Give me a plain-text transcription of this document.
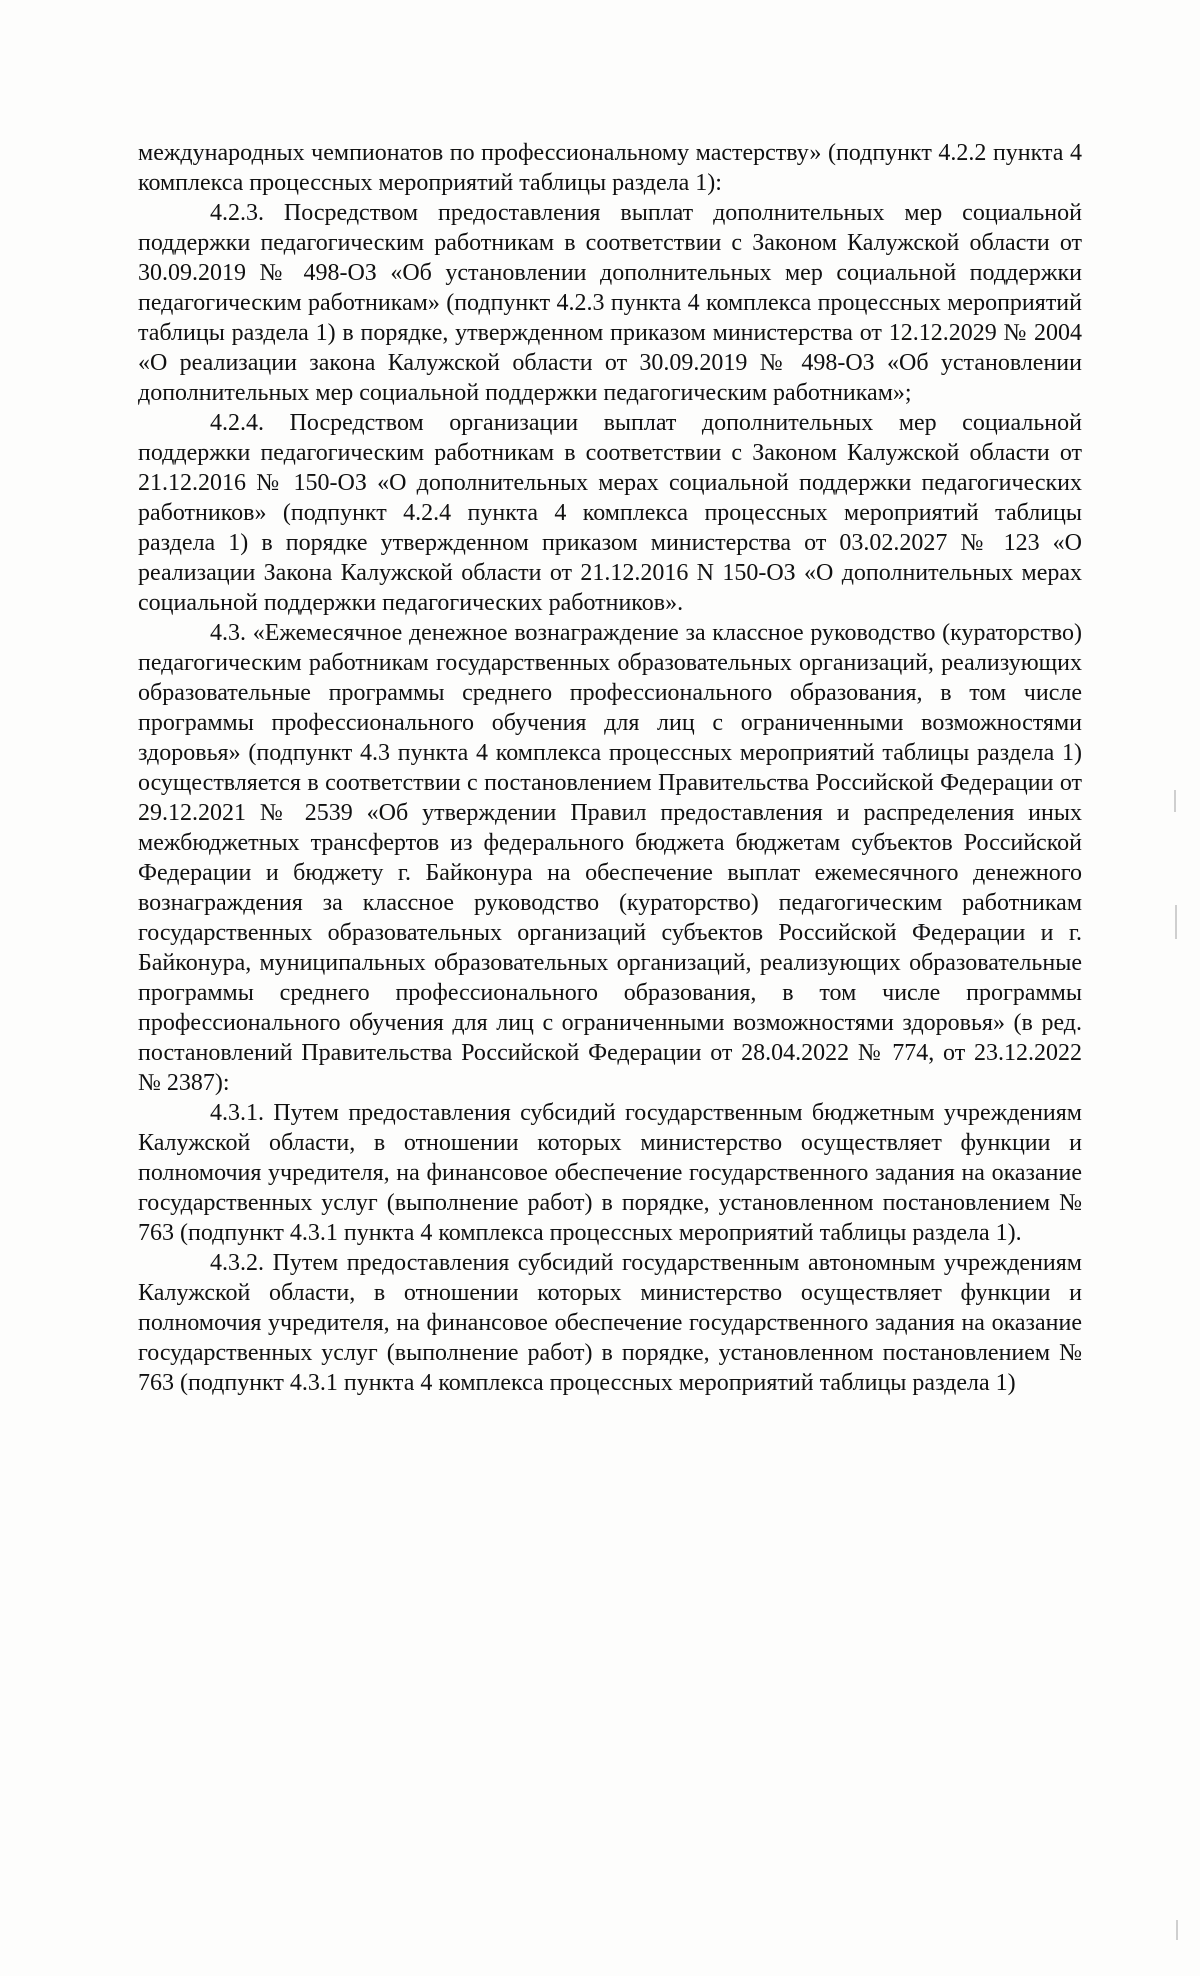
международных чемпионатов по профессиональному мастерству» (подпункт 4.2.2 пункта 4 комплекса процессных мероприятий таблицы раздела 1):

4.2.3. Посредством предоставления выплат дополнительных мер социальной поддержки педагогическим работникам в соответствии с Законом Калужской области от 30.09.2019 № 498-ОЗ «Об установлении дополнительных мер социальной поддержки педагогическим работникам» (подпункт 4.2.3 пункта 4 комплекса процессных мероприятий таблицы раздела 1) в порядке, утвержденном приказом министерства от 12.12.2029 № 2004 «О реализации закона Калужской области от 30.09.2019 № 498-ОЗ «Об установлении дополнительных мер социальной поддержки педагогическим работникам»;

4.2.4. Посредством организации выплат дополнительных мер социальной поддержки педагогическим работникам в соответствии с Законом Калужской области от 21.12.2016 № 150-ОЗ «О дополнительных мерах социальной поддержки педагогических работников» (подпункт 4.2.4 пункта 4 комплекса процессных мероприятий таблицы раздела 1) в порядке утвержденном приказом министерства от 03.02.2027 № 123 «О реализации Закона Калужской области от 21.12.2016 N 150-ОЗ «О дополнительных мерах социальной поддержки педагогических работников».

4.3. «Ежемесячное денежное вознаграждение за классное руководство (кураторство) педагогическим работникам государственных образовательных организаций, реализующих образовательные программы среднего профессионального образования, в том числе программы профессионального обучения для лиц с ограниченными возможностями здоровья» (подпункт 4.3 пункта 4 комплекса процессных мероприятий таблицы раздела 1) осуществляется в соответствии с постановлением Правительства Российской Федерации от 29.12.2021 № 2539 «Об утверждении Правил предоставления и распределения иных межбюджетных трансфертов из федерального бюджета бюджетам субъектов Российской Федерации и бюджету г. Байконура на обеспечение выплат ежемесячного денежного вознаграждения за классное руководство (кураторство) педагогическим работникам государственных образовательных организаций субъектов Российской Федерации и г. Байконура, муниципальных образовательных организаций, реализующих образовательные программы среднего профессионального образования, в том числе программы профессионального обучения для лиц с ограниченными возможностями здоровья» (в ред. постановлений Правительства Российской Федерации от 28.04.2022 № 774, от 23.12.2022 № 2387):

4.3.1. Путем предоставления субсидий государственным бюджетным учреждениям Калужской области, в отношении которых министерство осуществляет функции и полномочия учредителя, на финансовое обеспечение государственного задания на оказание государственных услуг (выполнение работ) в порядке, установленном постановлением № 763 (подпункт 4.3.1 пункта 4 комплекса процессных мероприятий таблицы раздела 1).

4.3.2. Путем предоставления субсидий государственным автономным учреждениям Калужской области, в отношении которых министерство осуществляет функции и полномочия учредителя, на финансовое обеспечение государственного задания на оказание государственных услуг (выполнение работ) в порядке, установленном постановлением № 763 (подпункт 4.3.1 пункта 4 комплекса процессных мероприятий таблицы раздела 1)
